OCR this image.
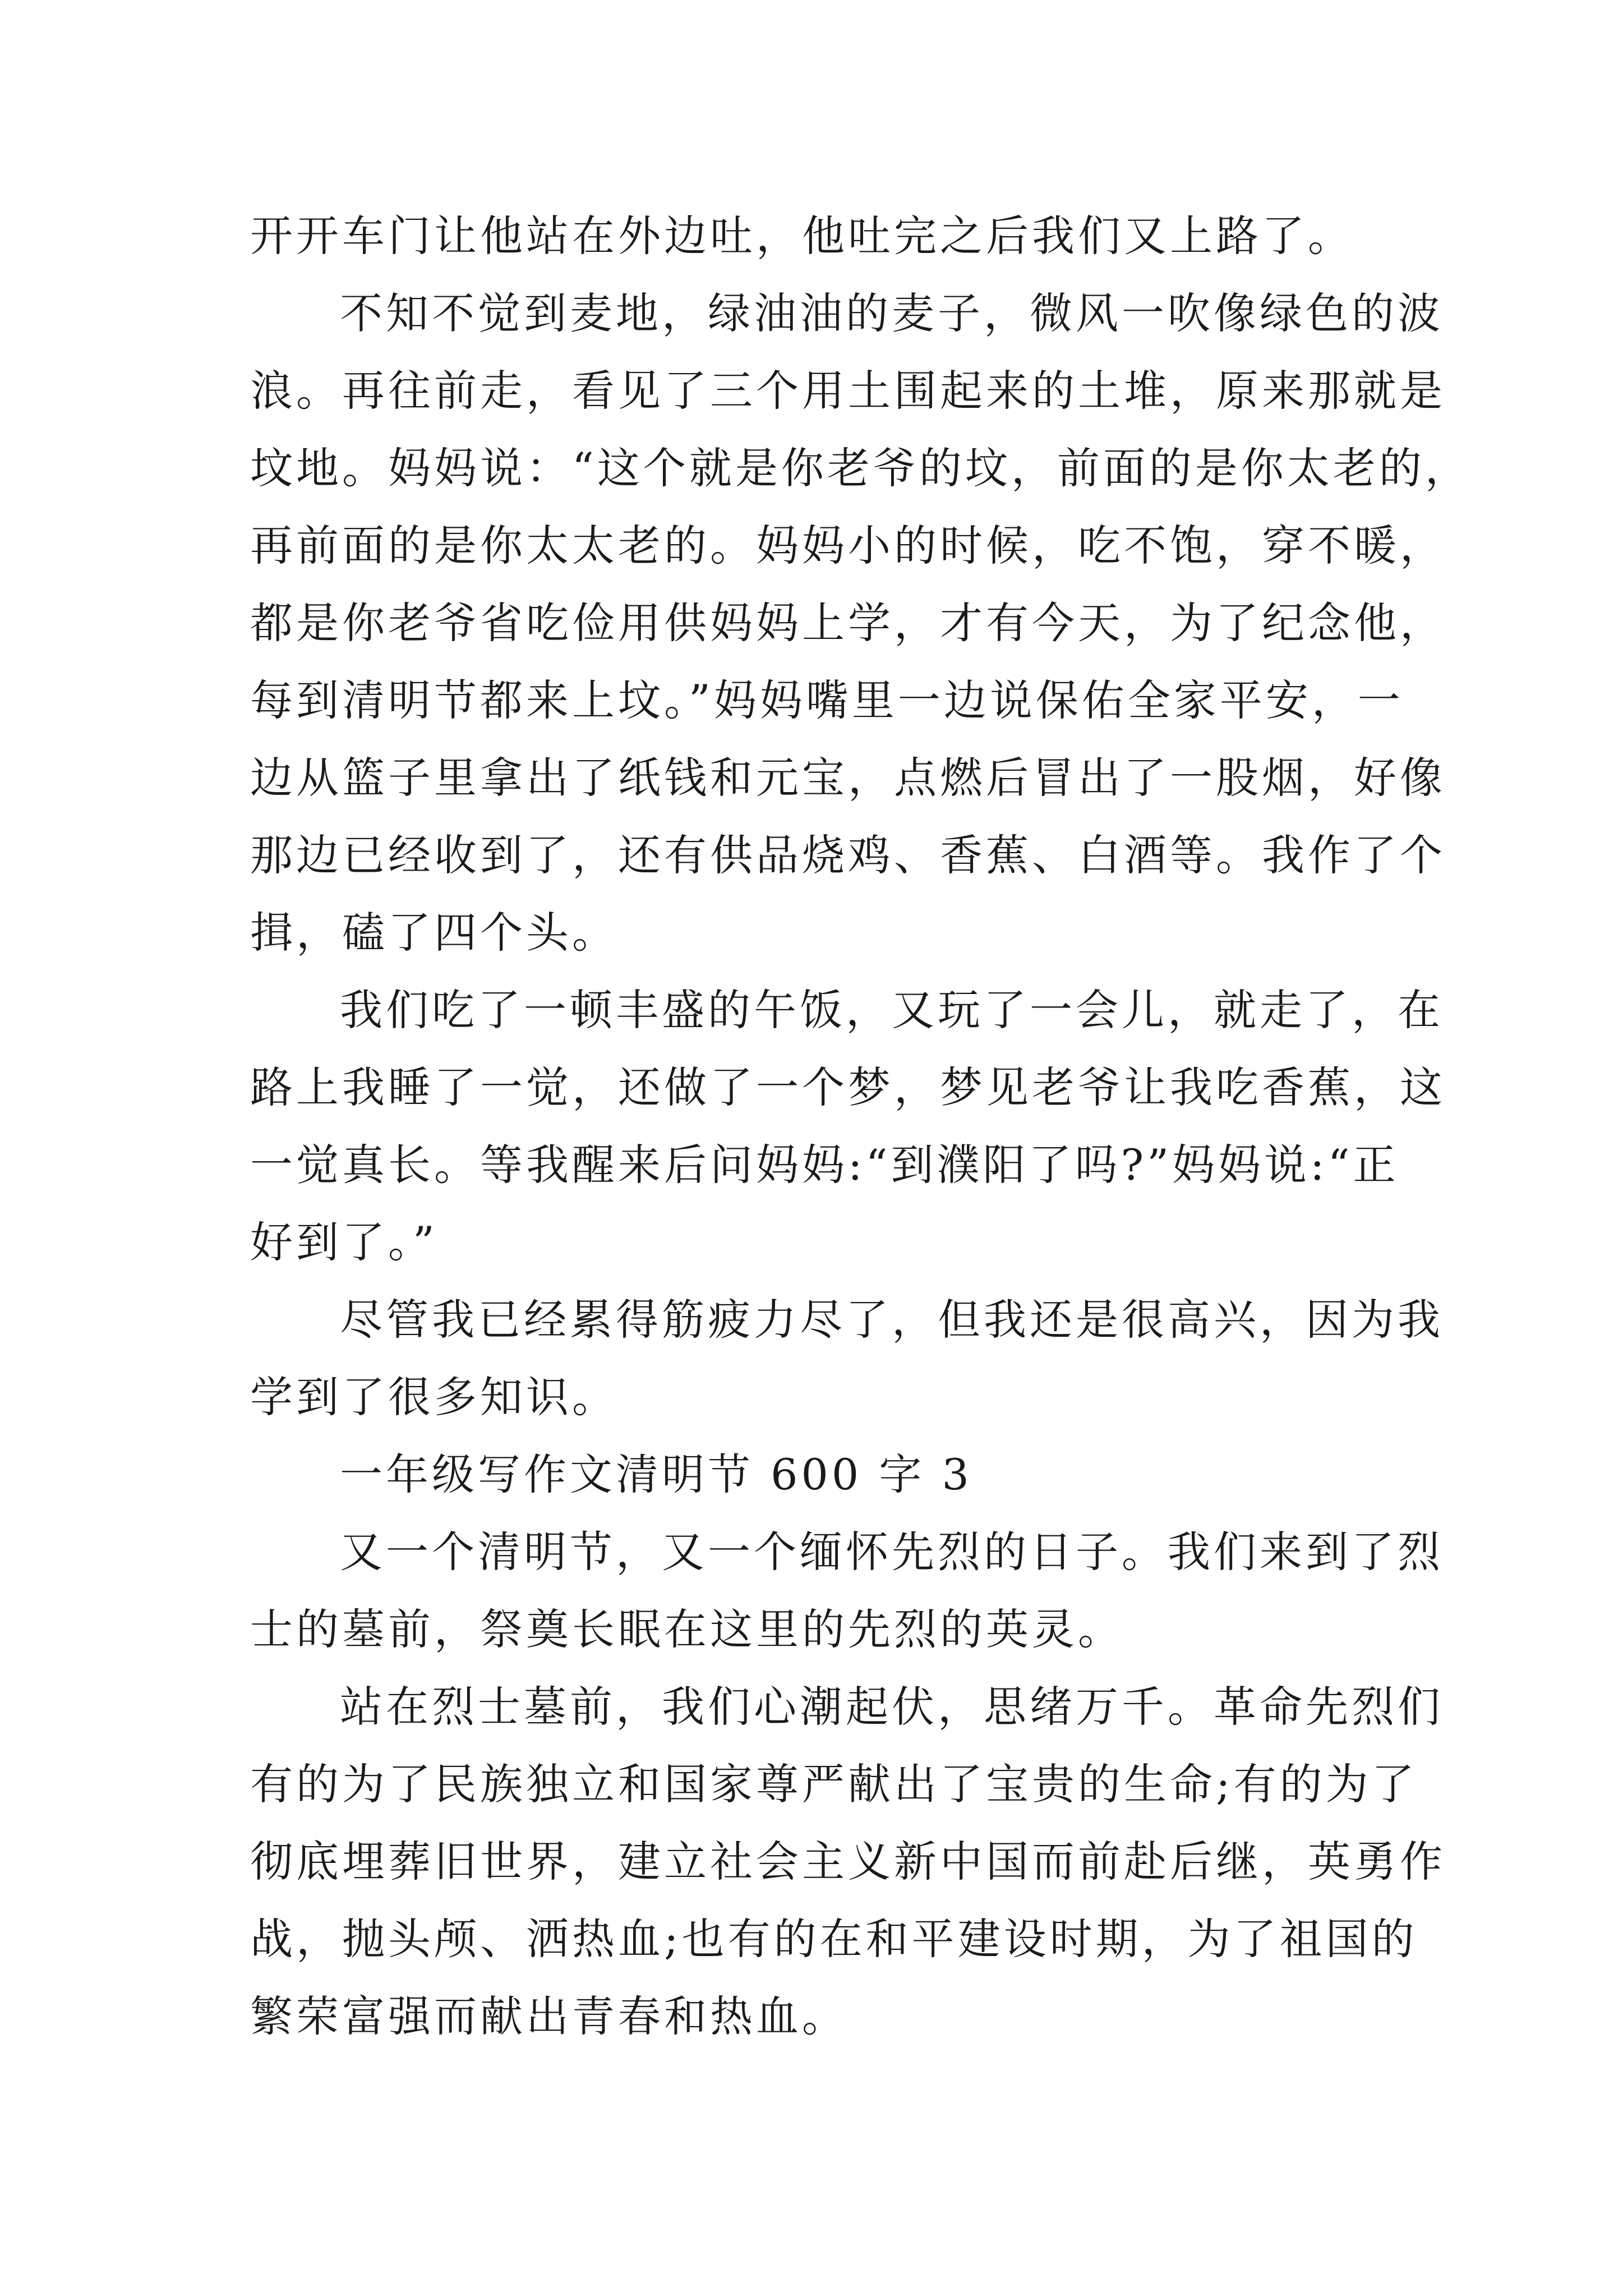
开开车门让他站在外边吐，他吐完之后我们又上路了。
不知不觉到麦地，绿油油的麦子，微风一吹像绿色的波
浪。再往前走，看见了三个用土围起来的土堆，原来那就是
坟地。妈妈说：“这个就是你老爷的坟，前面的是你太老的，
再前面的是你太太老的。妈妈小的时候，吃不饱，穿不暖，
都是你老爷省吃俭用供妈妈上学，才有今天，为了纪念他，
每到清明节都来上坟。”妈妈嘴里一边说保佑全家平安，一
边从篮子里拿出了纸钱和元宝，点燃后冒出了一股烟，好像
那边已经收到了，还有供品烧鸡、香蕉、白酒等。我作了个
揖，磕了四个头。
我们吃了一顿丰盛的午饭，又玩了一会儿，就走了，在
路上我睡了一觉，还做了一个梦，梦见老爷让我吃香蕉，这
一觉真长。等我醒来后问妈妈:“到濮阳了吗?”妈妈说:“正
好到了。”
尽管我已经累得筋疲力尽了，但我还是很高兴，因为我
学到了很多知识。
一年级写作文清明节 600 字 3
又一个清明节，又一个缅怀先烈的日子。我们来到了烈
士的墓前，祭奠长眠在这里的先烈的英灵。
站在烈士墓前，我们心潮起伏，思绪万千。革命先烈们
有的为了民族独立和国家尊严献出了宝贵的生命;有的为了
彻底埋葬旧世界，建立社会主义新中国而前赴后继，英勇作
战，抛头颅、洒热血;也有的在和平建设时期，为了祖国的
繁荣富强而献出青春和热血。
